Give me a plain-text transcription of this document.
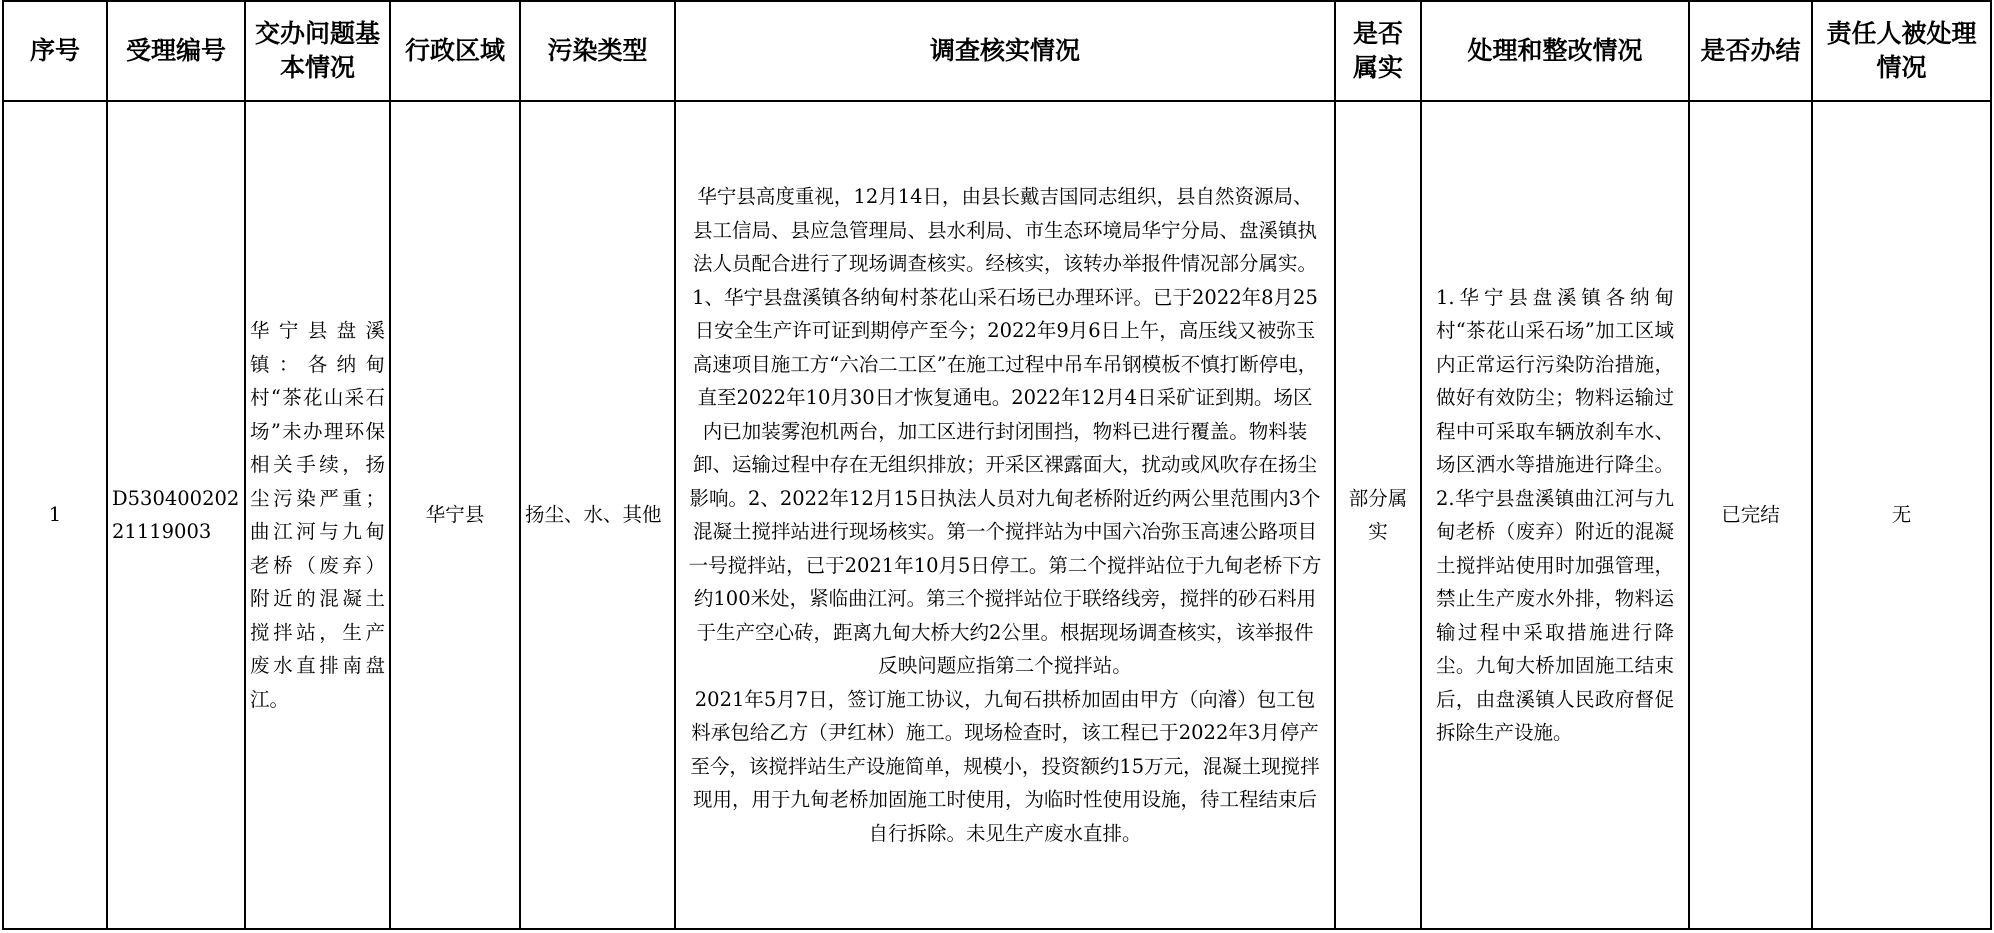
序号	受理编号	交办问题基本情况	行政区域	污染类型	调查核实情况	是否属实	处理和整改情况	是否办结	责任人被处理情况
1	D53040020221119003	华宁县盘溪镇：各纳甸村“茶花山采石场”未办理环保相关手续，扬尘污染严重；曲江河与九甸老桥（废弃）附近的混凝土搅拌站，生产废水直排南盘江。	华宁县	扬尘、水、其他	华宁县高度重视，12月14日，由县长戴吉国同志组织，县自然资源局、县工信局、县应急管理局、县水利局、市生态环境局华宁分局、盘溪镇执法人员配合进行了现场调查核实。经核实，该转办举报件情况部分属实。1、华宁县盘溪镇各纳甸村茶花山采石场已办理环评。已于2022年8月25日安全生产许可证到期停产至今；2022年9月6日上午，高压线又被弥玉高速项目施工方“六冶二工区”在施工过程中吊车吊钢模板不慎打断停电，直至2022年10月30日才恢复通电。2022年12月4日采矿证到期。场区内已加装雾泡机两台，加工区进行封闭围挡，物料已进行覆盖。物料装卸、运输过程中存在无组织排放；开采区裸露面大，扰动或风吹存在扬尘影响。2、2022年12月15日执法人员对九甸老桥附近约两公里范围内3个混凝土搅拌站进行现场核实。第一个搅拌站为中国六冶弥玉高速公路项目一号搅拌站，已于2021年10月5日停工。第二个搅拌站位于九甸老桥下方约100米处，紧临曲江河。第三个搅拌站位于联络线旁，搅拌的砂石料用于生产空心砖，距离九甸大桥大约2公里。根据现场调查核实，该举报件反映问题应指第二个搅拌站。

2021年5月7日，签订施工协议，九甸石拱桥加固由甲方（向濬）包工包料承包给乙方（尹红林）施工。现场检查时，该工程已于2022年3月停产至今，该搅拌站生产设施简单，规模小，投资额约15万元，混凝土现搅拌现用，用于九甸老桥加固施工时使用，为临时性使用设施，待工程结束后自行拆除。未见生产废水直排。	部分属实	1.华宁县盘溪镇各纳甸村“茶花山采石场”加工区域内正常运行污染防治措施，做好有效防尘；物料运输过程中可采取车辆放刹车水、场区洒水等措施进行降尘。2.华宁县盘溪镇曲江河与九甸老桥（废弃）附近的混凝土搅拌站使用时加强管理，禁止生产废水外排，物料运输过程中采取措施进行降尘。九甸大桥加固施工结束后，由盘溪镇人民政府督促拆除生产设施。	已完结	无
